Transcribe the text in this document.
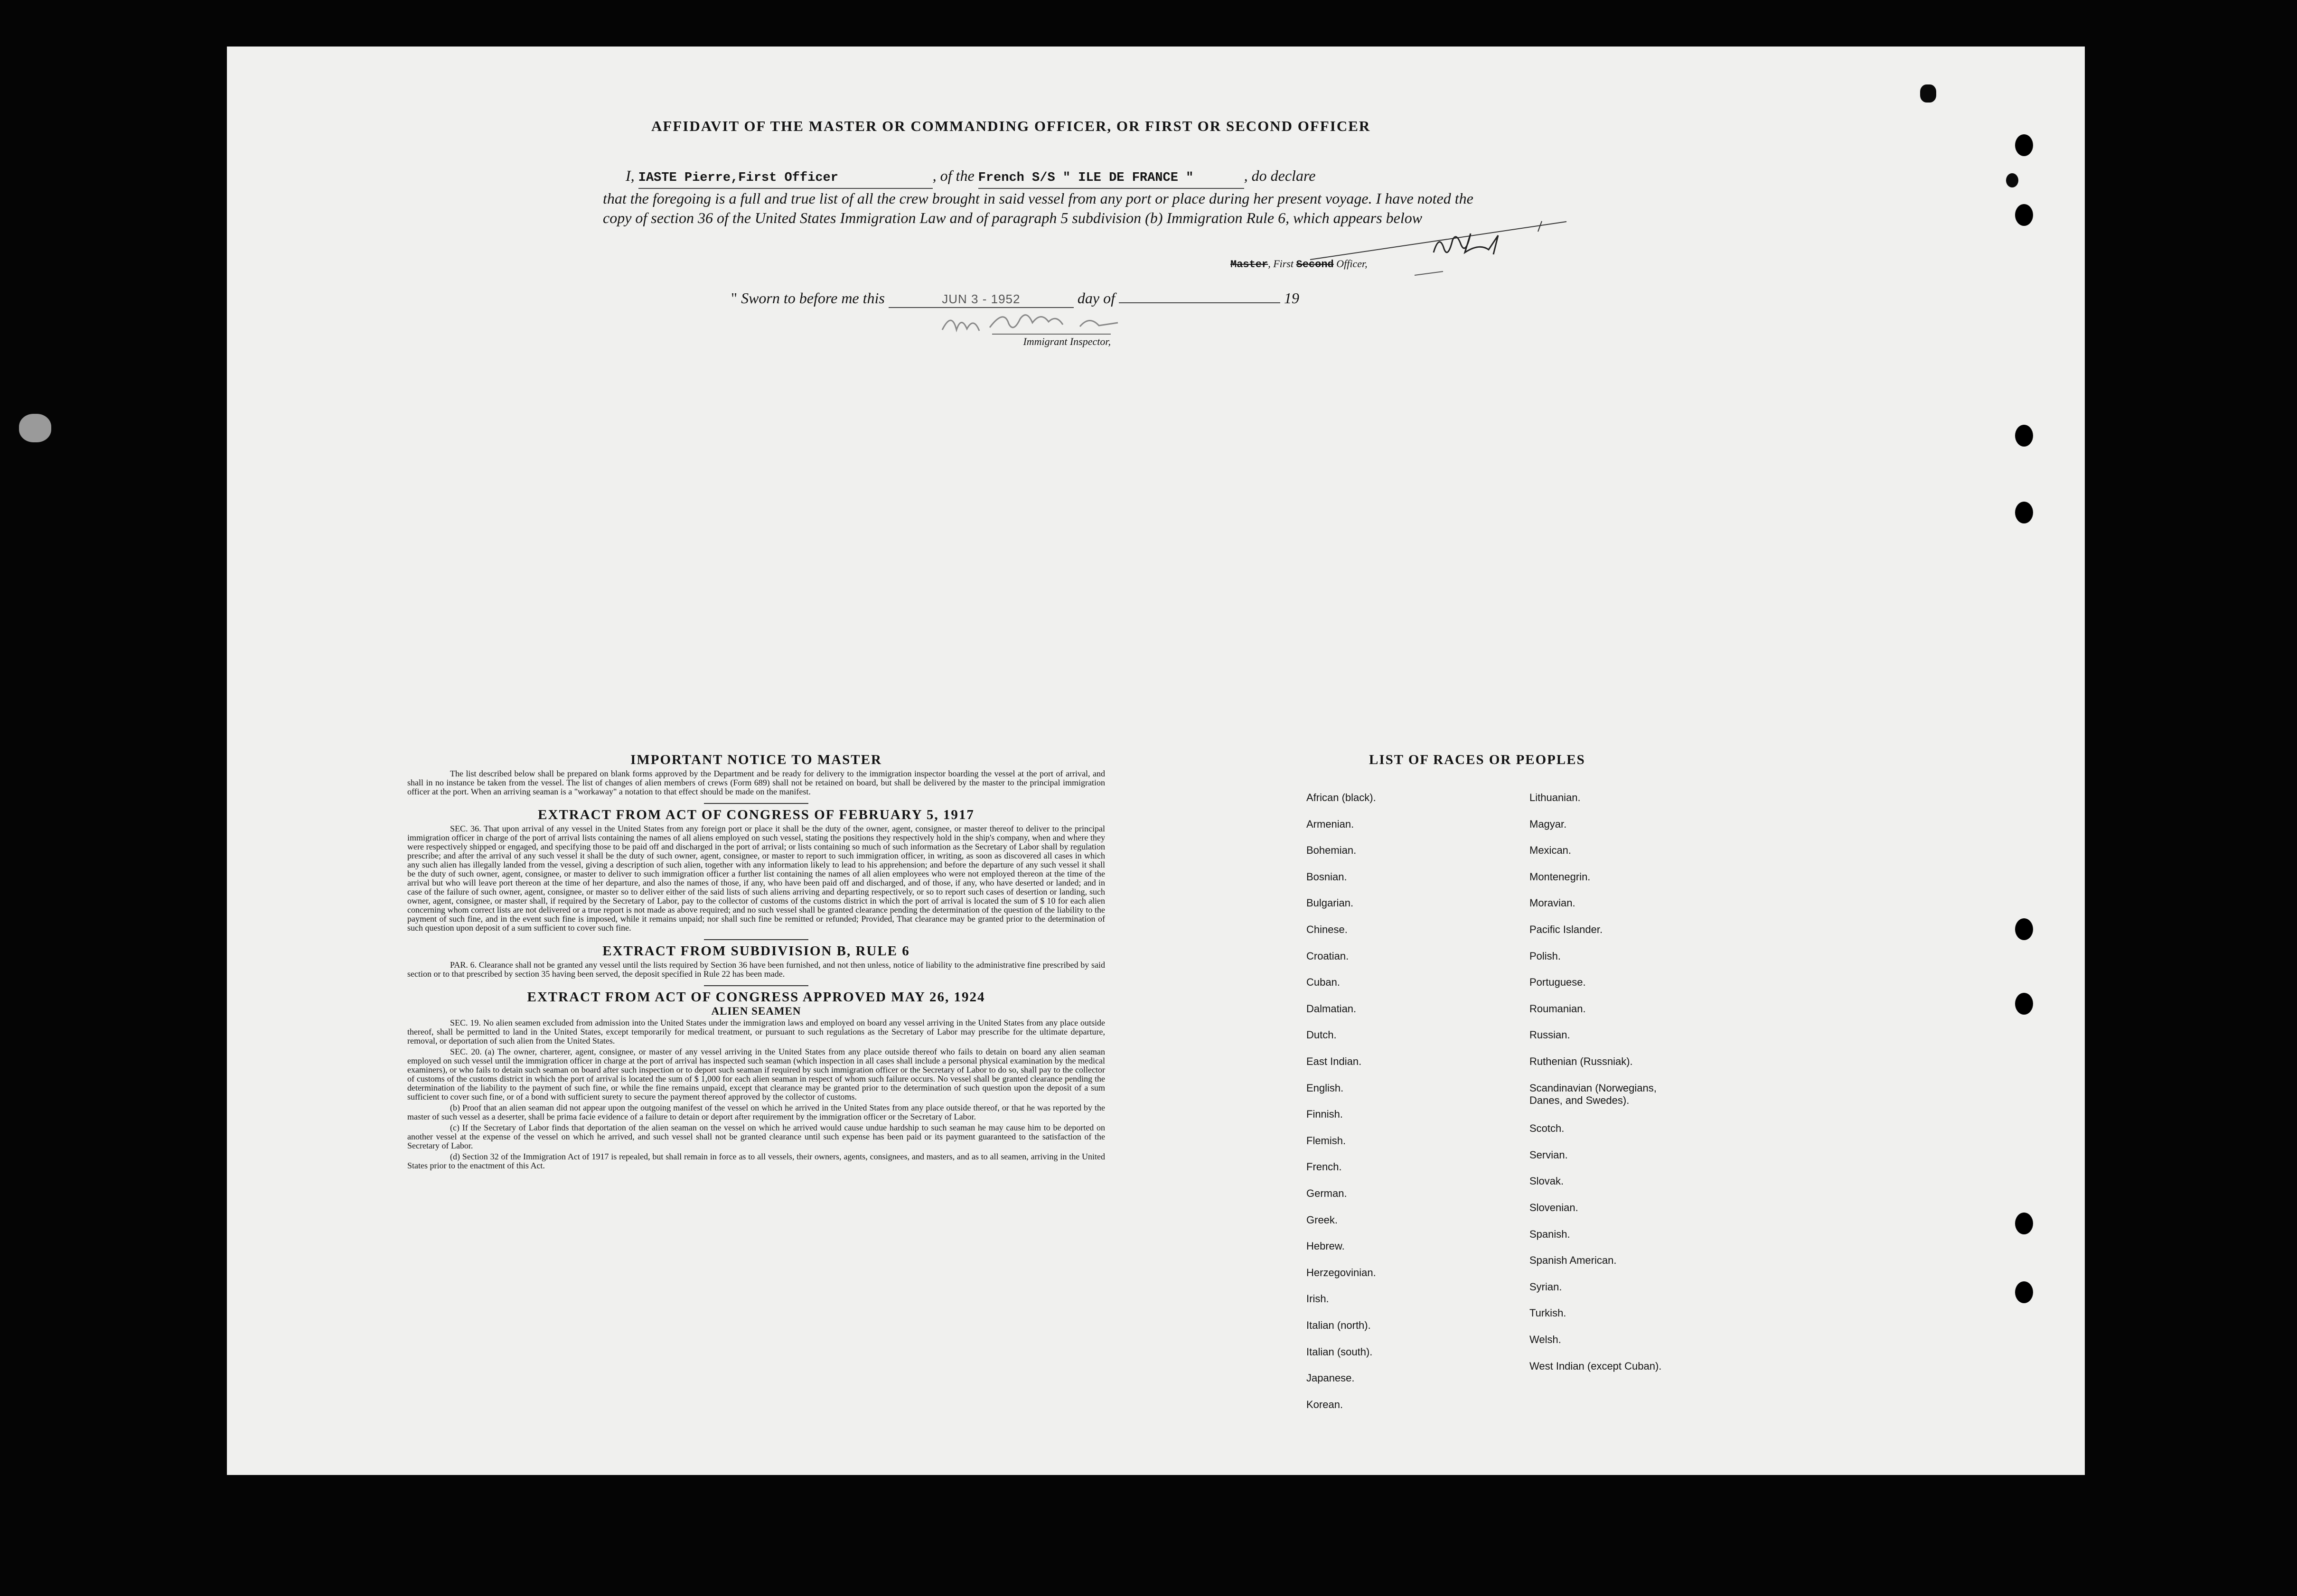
AFFIDAVIT OF THE MASTER OR COMMANDING OFFICER, OR FIRST OR SECOND OFFICER
I, IASTE Pierre,First Officer	, of the French S/S " ILE DE FRANCE "	, do declare
that the foregoing is a full and true list of all the crew brought in said vessel from any port or place during her present voyage. I have noted the copy of section 36 of the United States Immigration Law and of paragraph 5 subdivision (b) Immigration Rule 6, which appears below
Master, First Second Officer,
" Sworn to before me this	JUN 3 - 1952	day of	19
Immigrant Inspector,
IMPORTANT NOTICE TO MASTER

The list described below shall be prepared on blank forms approved by the Department and be ready for delivery to the immigration inspector boarding the vessel at the port of arrival, and shall in no instance be taken from the vessel. The list of changes of alien members of crews (Form 689) shall not be retained on board, but shall be delivered by the master to the principal immigration officer at the port. When an arriving seaman is a "workaway" a notation to that effect should be made on the manifest.

EXTRACT FROM ACT OF CONGRESS OF FEBRUARY 5, 1917

SEC. 36. That upon arrival of any vessel in the United States from any foreign port or place it shall be the duty of the owner, agent, consignee, or master thereof to deliver to the principal immigration officer in charge of the port of arrival lists containing the names of all aliens employed on such vessel, stating the positions they respectively hold in the ship's company, when and where they were respectively shipped or engaged, and specifying those to be paid off and discharged in the port of arrival; or lists containing so much of such information as the Secretary of Labor shall by regulation prescribe; and after the arrival of any such vessel it shall be the duty of such owner, agent, consignee, or master to report to such immigration officer, in writing, as soon as discovered all cases in which any such alien has illegally landed from the vessel, giving a description of such alien, together with any information likely to lead to his apprehension; and before the departure of any such vessel it shall be the duty of such owner, agent, consignee, or master to deliver to such immigration officer a further list containing the names of all alien employees who were not employed thereon at the time of the arrival but who will leave port thereon at the time of her departure, and also the names of those, if any, who have been paid off and discharged, and of those, if any, who have deserted or landed; and in case of the failure of such owner, agent, consignee, or master so to deliver either of the said lists of such aliens arriving and departing respectively, or so to report such cases of desertion or landing, such owner, agent, consignee, or master shall, if required by the Secretary of Labor, pay to the collector of customs of the customs district in which the port of arrival is located the sum of $ 10 for each alien concerning whom correct lists are not delivered or a true report is not made as above required; and no such vessel shall be granted clearance pending the determination of the question of the liability to the payment of such fine, and in the event such fine is imposed, while it remains unpaid; nor shall such fine be remitted or refunded; Provided, That clearance may be granted prior to the determination of such question upon deposit of a sum sufficient to cover such fine.

EXTRACT FROM SUBDIVISION B, RULE 6

PAR. 6. Clearance shall not be granted any vessel until the lists required by Section 36 have been furnished, and not then unless, notice of liability to the administrative fine prescribed by said section or to that prescribed by section 35 having been served, the deposit specified in Rule 22 has been made.

EXTRACT FROM ACT OF CONGRESS APPROVED MAY 26, 1924
ALIEN SEAMEN

SEC. 19. No alien seamen excluded from admission into the United States under the immigration laws and employed on board any vessel arriving in the United States from any place outside thereof, shall be permitted to land in the United States, except temporarily for medical treatment, or pursuant to such regulations as the Secretary of Labor may prescribe for the ultimate departure, removal, or deportation of such alien from the United States.

SEC. 20. (a) The owner, charterer, agent, consignee, or master of any vessel arriving in the United States from any place outside thereof who fails to detain on board any alien seaman employed on such vessel until the immigration officer in charge at the port of arrival has inspected such seaman (which inspection in all cases shall include a personal physical examination by the medical examiners), or who fails to detain such seaman on board after such inspection or to deport such seaman if required by such immigration officer or the Secretary of Labor to do so, shall pay to the collector of customs of the customs district in which the port of arrival is located the sum of $ 1,000 for each alien seaman in respect of whom such failure occurs. No vessel shall be granted clearance pending the determination of the liability to the payment of such fine, or while the fine remains unpaid, except that clearance may be granted prior to the determination of such question upon the deposit of a sum sufficient to cover such fine, or of a bond with sufficient surety to secure the payment thereof approved by the collector of customs.

(b) Proof that an alien seaman did not appear upon the outgoing manifest of the vessel on which he arrived in the United States from any place outside thereof, or that he was reported by the master of such vessel as a deserter, shall be prima facie evidence of a failure to detain or deport after requirement by the immigration officer or the Secretary of Labor.

(c) If the Secretary of Labor finds that deportation of the alien seaman on the vessel on which he arrived would cause undue hardship to such seaman he may cause him to be deported on another vessel at the expense of the vessel on which he arrived, and such vessel shall not be granted clearance until such expense has been paid or its payment guaranteed to the satisfaction of the Secretary of Labor.

(d) Section 32 of the Immigration Act of 1917 is repealed, but shall remain in force as to all vessels, their owners, agents, consignees, and masters, and as to all seamen, arriving in the United States prior to the enactment of this Act.

LIST OF RACES OR PEOPLES
African (black).
Armenian.
Bohemian.
Bosnian.
Bulgarian.
Chinese.
Croatian.
Cuban.
Dalmatian.
Dutch.
East Indian.
English.
Finnish.
Flemish.
French.
German.
Greek.
Hebrew.
Herzegovinian.
Irish.
Italian (north).
Italian (south).
Japanese.
Korean.
Lithuanian.
Magyar.
Mexican.
Montenegrin.
Moravian.
Pacific Islander.
Polish.
Portuguese.
Roumanian.
Russian.
Ruthenian (Russniak).
Scandinavian (Norwegians, Danes, and Swedes).
Scotch.
Servian.
Slovak.
Slovenian.
Spanish.
Spanish American.
Syrian.
Turkish.
Welsh.
West Indian (except Cuban).
